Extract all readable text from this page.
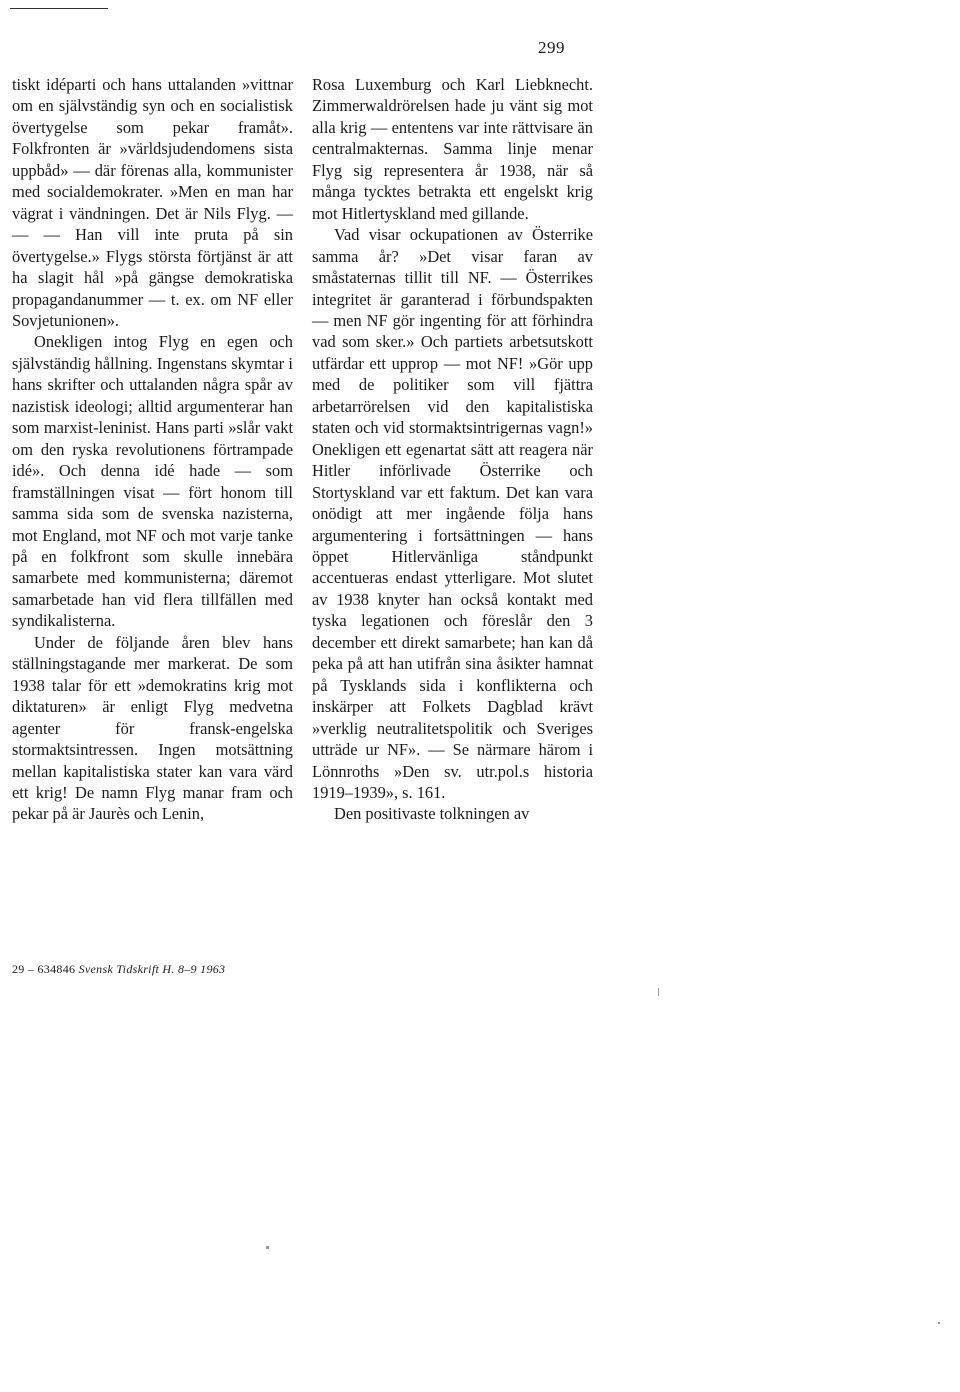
299

tiskt idéparti och hans uttalanden »vittnar om en självständig syn och en socialistisk övertygelse som pekar framåt». Folkfronten är »världsjudendomens sista uppbåd» — där förenas alla, kommunister med socialdemokrater. »Men en man har vägrat i vändningen. Det är Nils Flyg. — — — Han vill inte pruta på sin övertygelse.» Flygs största förtjänst är att ha slagit hål »på gängse demokratiska propagandanummer — t. ex. om NF eller Sovjetunionen».

Onekligen intog Flyg en egen och självständig hållning. Ingenstans skymtar i hans skrifter och uttalanden några spår av nazistisk ideologi; alltid argumenterar han som marxist-leninist. Hans parti »slår vakt om den ryska revolutionens förtrampade idé». Och denna idé hade — som framställningen visat — fört honom till samma sida som de svenska nazisterna, mot England, mot NF och mot varje tanke på en folkfront som skulle innebära samarbete med kommunisterna; däremot samarbetade han vid flera tillfällen med syndikalisterna.

Under de följande åren blev hans ställningstagande mer markerat. De som 1938 talar för ett »demokratins krig mot diktaturen» är enligt Flyg medvetna agenter för fransk-engelska stormaktsintressen. Ingen motsättning mellan kapitalistiska stater kan vara värd ett krig! De namn Flyg manar fram och pekar på är Jaurès och Lenin,

Rosa Luxemburg och Karl Liebknecht. Zimmerwaldrörelsen hade ju vänt sig mot alla krig — ententens var inte rättvisare än centralmakternas. Samma linje menar Flyg sig representera år 1938, när så många tycktes betrakta ett engelskt krig mot Hitlertyskland med gillande.

Vad visar ockupationen av Österrike samma år? »Det visar faran av småstaternas tillit till NF. — Österrikes integritet är garanterad i förbundspakten — men NF gör ingenting för att förhindra vad som sker.» Och partiets arbetsutskott utfärdar ett upprop — mot NF! »Gör upp med de politiker som vill fjättra arbetarrörelsen vid den kapitalistiska staten och vid stormaktsintrigernas vagn!» Onekligen ett egenartat sätt att reagera när Hitler införlivade Österrike och Stortyskland var ett faktum. Det kan vara onödigt att mer ingående följa hans argumentering i fortsättningen — hans öppet Hitlervänliga ståndpunkt accentueras endast ytterligare. Mot slutet av 1938 knyter han också kontakt med tyska legationen och föreslår den 3 december ett direkt samarbete; han kan då peka på att han utifrån sina åsikter hamnat på Tysklands sida i konflikterna och inskärper att Folkets Dagblad krävt »verklig neutralitetspolitik och Sveriges utträde ur NF». — Se närmare härom i Lönnroths »Den sv. utr.pol.s historia 1919–1939», s. 161.

Den positivaste tolkningen av

29 – 634846 Svensk Tidskrift H. 8–9 1963
